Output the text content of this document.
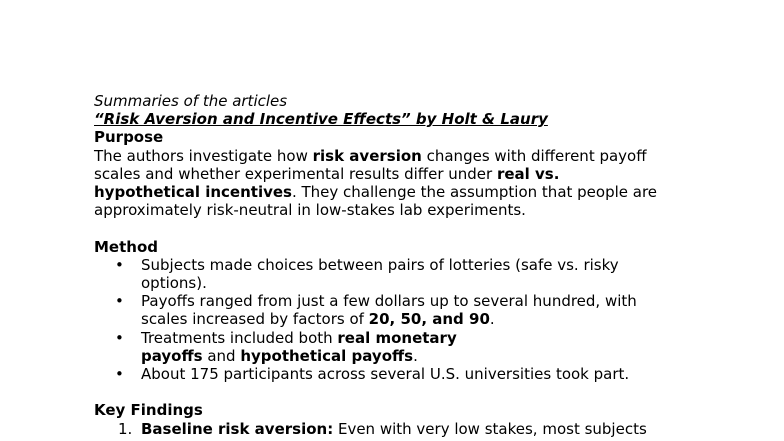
Summaries of the articles
“Risk Aversion and Incentive Effects” by Holt & Laury
Purpose
The authors investigate how risk aversion changes with different payoff
scales and whether experimental results differ under real vs.
hypothetical incentives. They challenge the assumption that people are
approximately risk-neutral in low-stakes lab experiments.
Method
• Subjects made choices between pairs of lotteries (safe vs. risky
options).
• Payoffs ranged from just a few dollars up to several hundred, with
scales increased by factors of 20, 50, and 90.
• Treatments included both real monetary
payoffs and hypothetical payoffs.
• About 175 participants across several U.S. universities took part.
Key Findings
1. Baseline risk aversion: Even with very low stakes, most subjects
